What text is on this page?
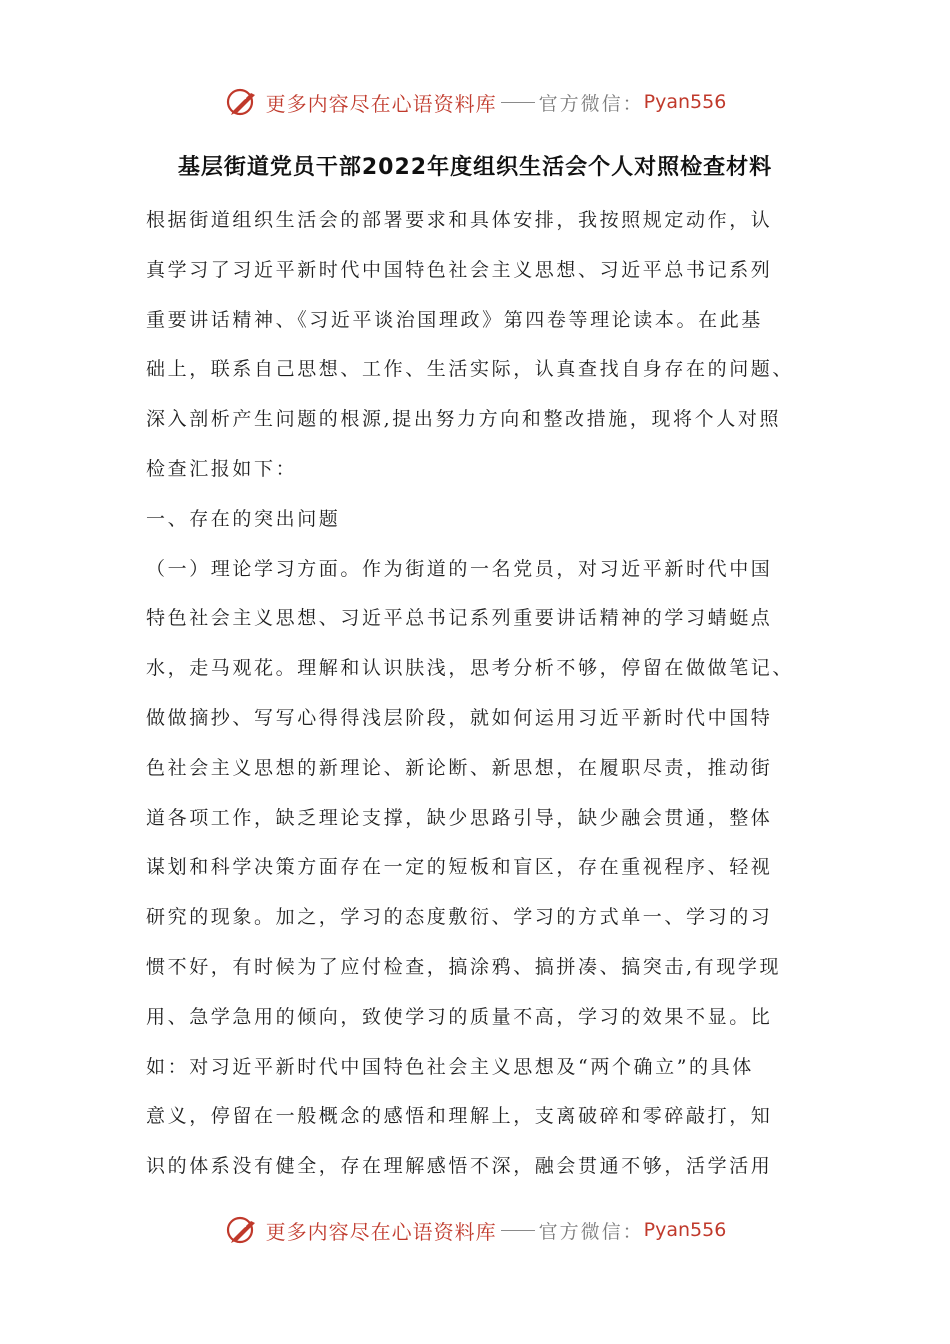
更多内容尽在心语资料库 官方微信： Pyan556
基层街道党员干部2022年度组织生活会个人对照检查材料
根据街道组织生活会的部署要求和具体安排，我按照规定动作，认
真学习了习近平新时代中国特色社会主义思想、习近平总书记系列
重要讲话精神、《习近平谈治国理政》第四卷等理论读本。在此基
础上，联系自己思想、工作、生活实际，认真查找自身存在的问题、
深入剖析产生问题的根源,提出努力方向和整改措施，现将个人对照
检查汇报如下：
一、存在的突出问题
（一）理论学习方面。作为街道的一名党员，对习近平新时代中国
特色社会主义思想、习近平总书记系列重要讲话精神的学习蜻蜓点
水，走马观花。理解和认识肤浅，思考分析不够，停留在做做笔记、
做做摘抄、写写心得得浅层阶段，就如何运用习近平新时代中国特
色社会主义思想的新理论、新论断、新思想，在履职尽责，推动街
道各项工作，缺乏理论支撑，缺少思路引导，缺少融会贯通，整体
谋划和科学决策方面存在一定的短板和盲区，存在重视程序、轻视
研究的现象。加之，学习的态度敷衍、学习的方式单一、学习的习
惯不好，有时候为了应付检查，搞涂鸦、搞拼凑、搞突击,有现学现
用、急学急用的倾向，致使学习的质量不高，学习的效果不显。比
如：对习近平新时代中国特色社会主义思想及“两个确立”的具体
意义，停留在一般概念的感悟和理解上，支离破碎和零碎敲打，知
识的体系没有健全，存在理解感悟不深，融会贯通不够，活学活用
更多内容尽在心语资料库 官方微信： Pyan556
